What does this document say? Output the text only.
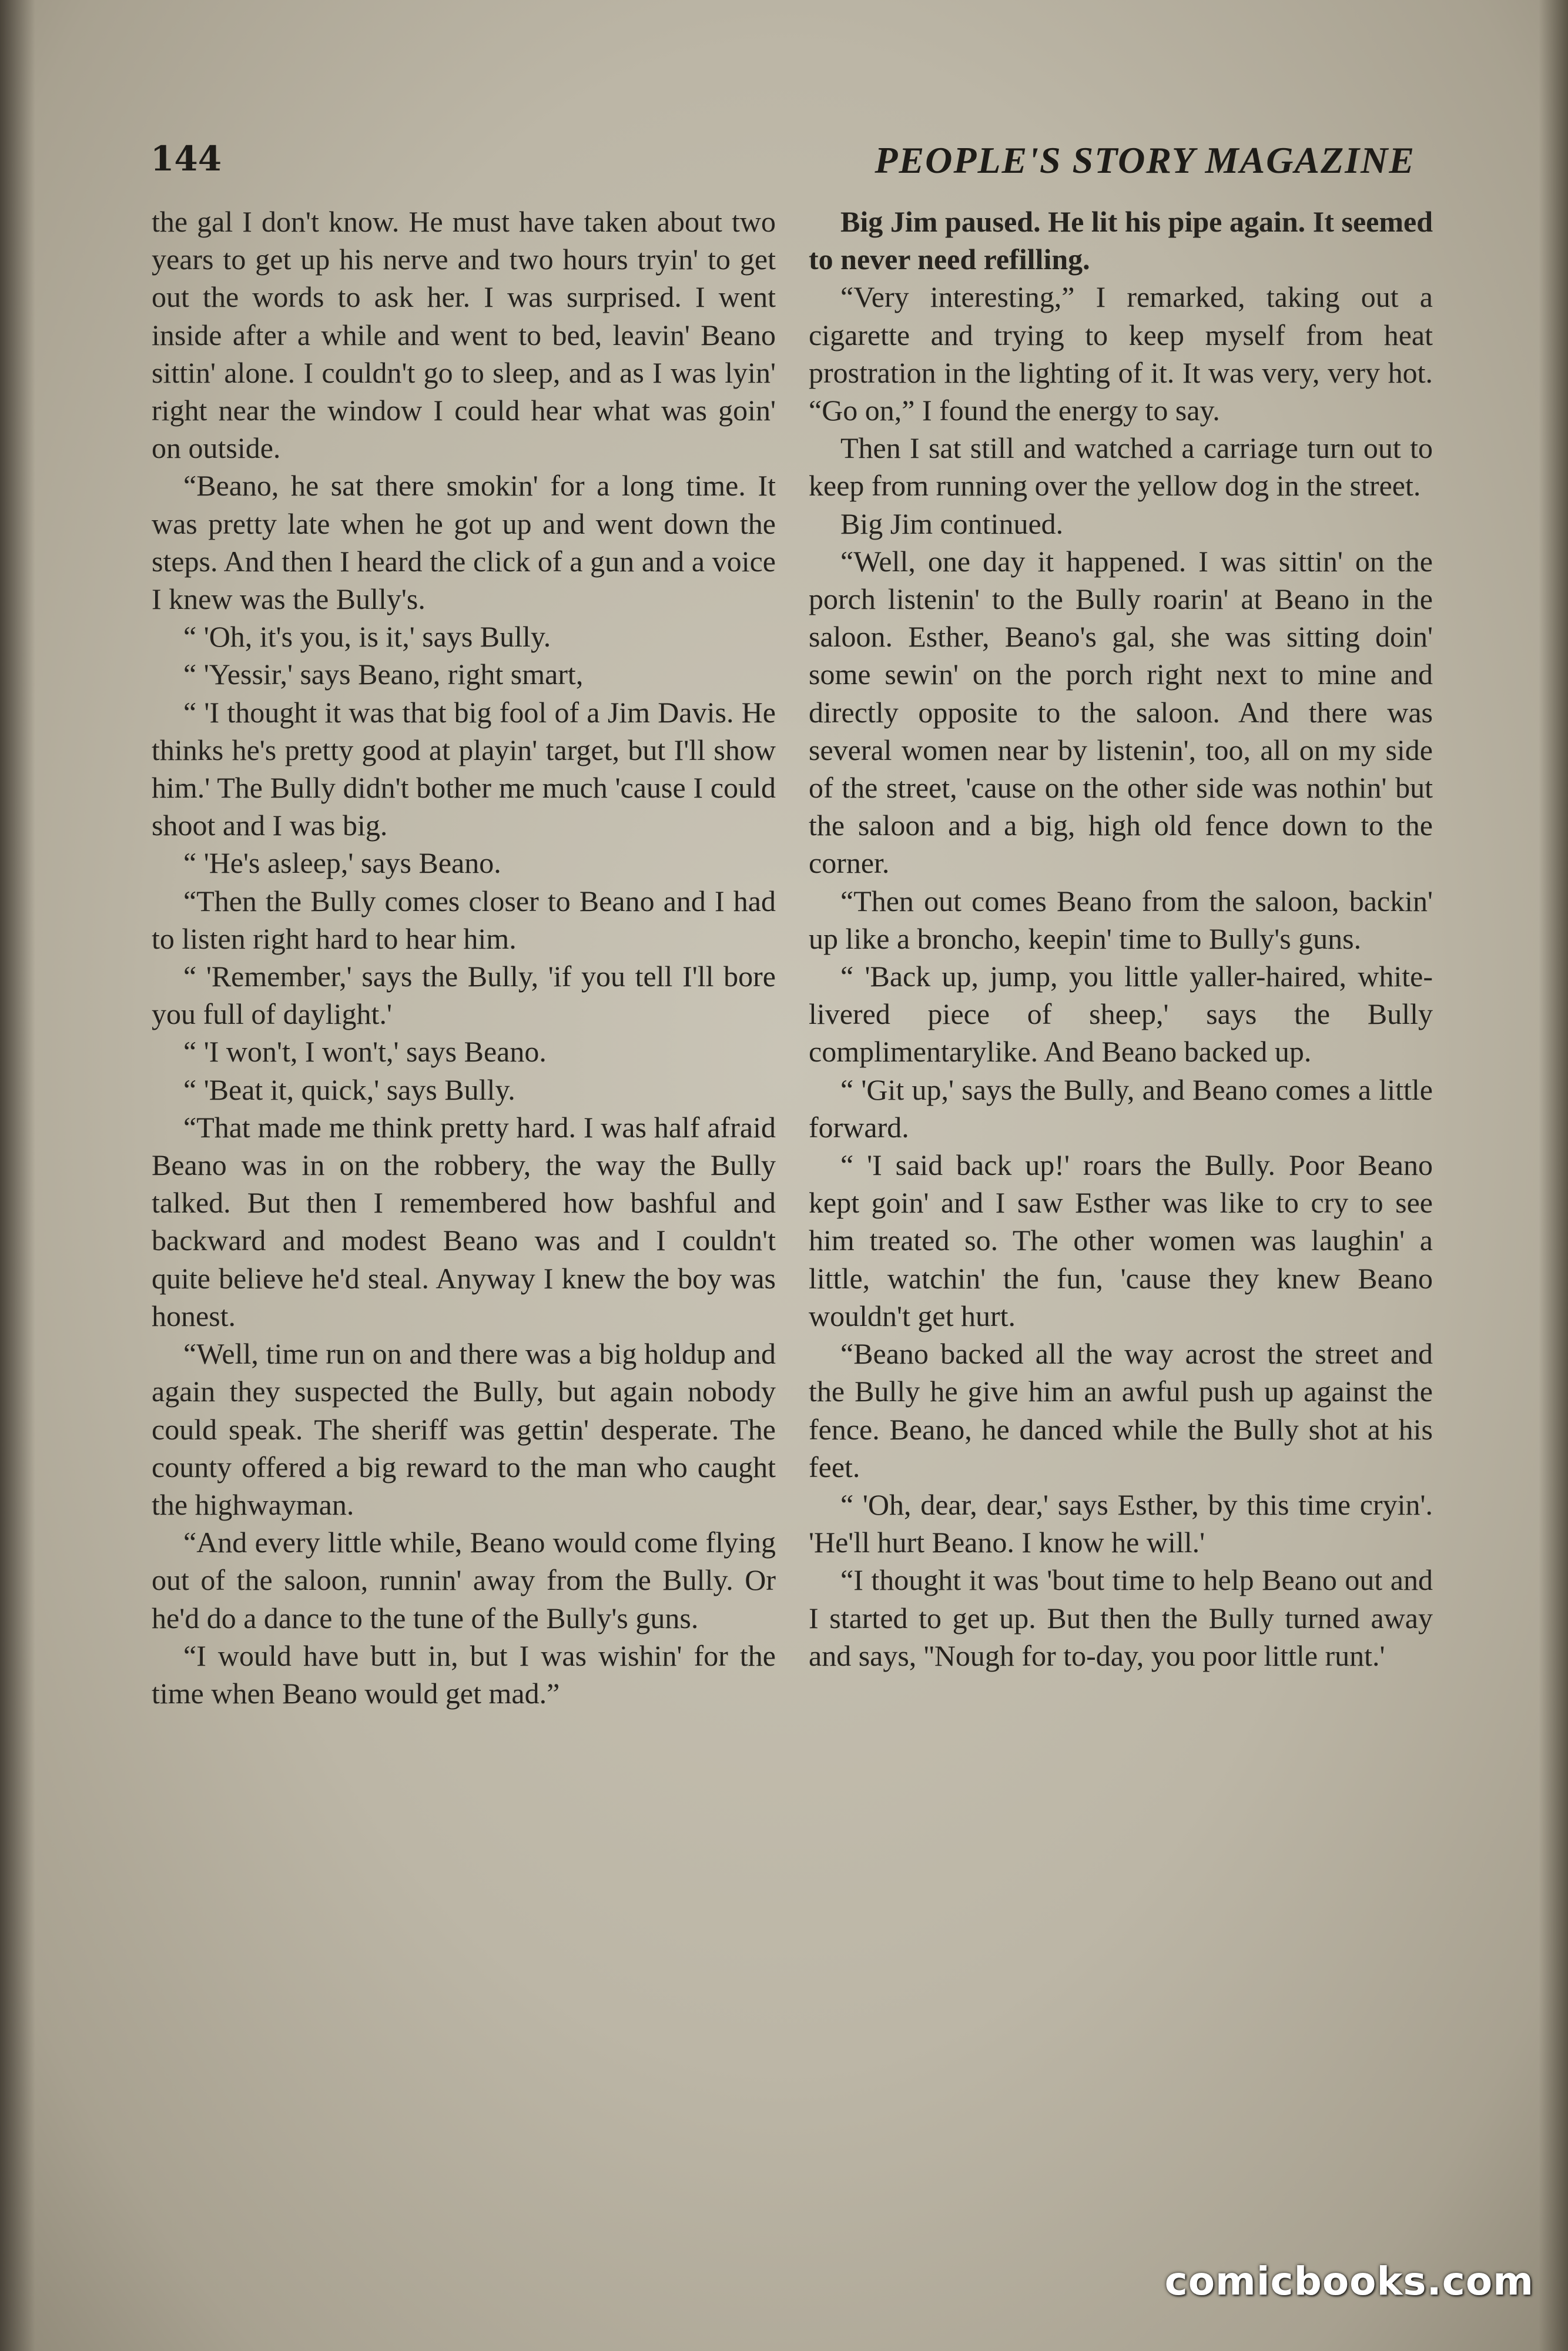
144	PEOPLE'S STORY MAGAZINE

the gal I don't know. He must have taken about two years to get up his nerve and two hours tryin' to get out the words to ask her. I was surprised. I went inside after a while and went to bed, leavin' Beano sittin' alone. I couldn't go to sleep, and as I was lyin' right near the window I could hear what was goin' on outside.

“Beano, he sat there smokin' for a long time. It was pretty late when he got up and went down the steps. And then I heard the click of a gun and a voice I knew was the Bully's.

“ 'Oh, it's you, is it,' says Bully.

“ 'Yessir,' says Beano, right smart,

“ 'I thought it was that big fool of a Jim Davis. He thinks he's pretty good at playin' target, but I'll show him.' The Bully didn't bother me much 'cause I could shoot and I was big.

“ 'He's asleep,' says Beano.

“Then the Bully comes closer to Beano and I had to listen right hard to hear him.

“ 'Remember,' says the Bully, 'if you tell I'll bore you full of daylight.'

“ 'I won't, I won't,' says Beano.

“ 'Beat it, quick,' says Bully.

“That made me think pretty hard. I was half afraid Beano was in on the robbery, the way the Bully talked. But then I remembered how bashful and backward and modest Beano was and I couldn't quite believe he'd steal. Anyway I knew the boy was honest.

“Well, time run on and there was a big holdup and again they suspected the Bully, but again nobody could speak. The sheriff was gettin' desperate. The county offered a big reward to the man who caught the highwayman.

“And every little while, Beano would come flying out of the saloon, runnin' away from the Bully. Or he'd do a dance to the tune of the Bully's guns.

“I would have butt in, but I was wishin' for the time when Beano would get mad.”

Big Jim paused. He lit his pipe again. It seemed to never need refilling.

“Very interesting,” I remarked, taking out a cigarette and trying to keep myself from heat prostration in the lighting of it. It was very, very hot. “Go on,” I found the energy to say.

Then I sat still and watched a carriage turn out to keep from running over the yellow dog in the street.

Big Jim continued.

“Well, one day it happened. I was sittin' on the porch listenin' to the Bully roarin' at Beano in the saloon. Esther, Beano's gal, she was sitting doin' some sewin' on the porch right next to mine and directly opposite to the saloon. And there was several women near by listenin', too, all on my side of the street, 'cause on the other side was nothin' but the saloon and a big, high old fence down to the corner.

“Then out comes Beano from the saloon, backin' up like a broncho, keepin' time to Bully's guns.

“ 'Back up, jump, you little yaller-haired, white-livered piece of sheep,' says the Bully complimentarylike. And Beano backed up.

“ 'Git up,' says the Bully, and Beano comes a little forward.

“ 'I said back up!' roars the Bully. Poor Beano kept goin' and I saw Esther was like to cry to see him treated so. The other women was laughin' a little, watchin' the fun, 'cause they knew Beano wouldn't get hurt.

“Beano backed all the way acrost the street and the Bully he give him an awful push up against the fence. Beano, he danced while the Bully shot at his feet.

“ 'Oh, dear, dear,' says Esther, by this time cryin'. 'He'll hurt Beano. I know he will.'

“I thought it was 'bout time to help Beano out and I started to get up. But then the Bully turned away and says, ''Nough for to-day, you poor little runt.'

comicbooks.com
